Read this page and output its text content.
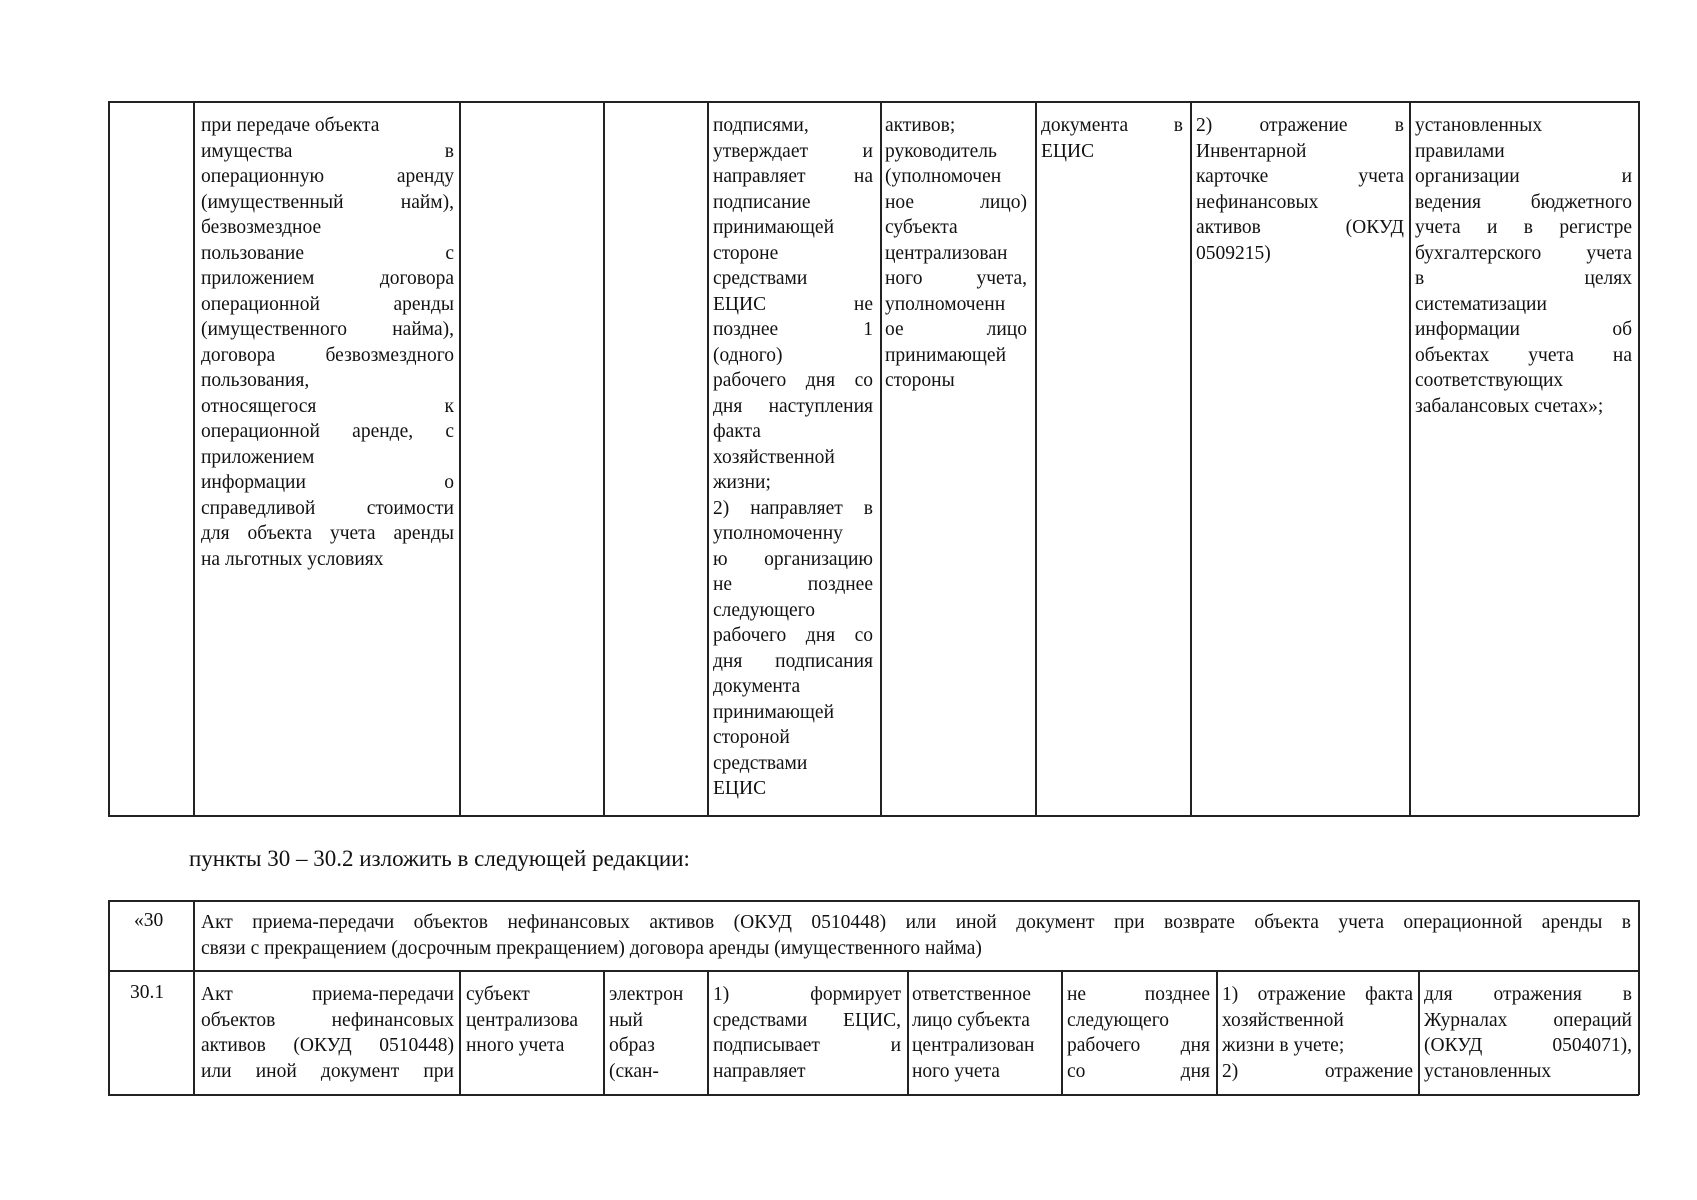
при передаче объекта
имущества в
операционную аренду
(имущественный найм),
безвозмездное
пользование с
приложением договора
операционной аренды
(имущественного найма),
договора безвозмездного
пользования,
относящегося к
операционной аренде, с
приложением
информации о
справедливой стоимости
для объекта учета аренды
на льготных условиях
подписями,
утверждает и
направляет на
подписание
принимающей
стороне
средствами
ЕЦИС не
позднее 1
(одного)
рабочего дня со
дня наступления
факта
хозяйственной
жизни;
2) направляет в
уполномоченну
ю организацию
не позднее
следующего
рабочего дня со
дня подписания
документа
принимающей
стороной
средствами
ЕЦИС
активов;
руководитель
(уполномочен
ное лицо)
субъекта
централизован
ного учета,
уполномоченн
ое лицо
принимающей
стороны
документа в
ЕЦИС
2) отражение в
Инвентарной
карточке учета
нефинансовых
активов (ОКУД
0509215)
установленных
правилами
организации и
ведения бюджетного
учета и в регистре
бухгалтерского учета
в целях
систематизации
информации об
объектах учета на
соответствующих
забалансовых счетах»;
пункты 30 – 30.2 изложить в следующей редакции:
«30 Акт приема-передачи объектов нефинансовых активов (ОКУД 0510448) или иной документ при возврате объекта учета операционной аренды в
связи с прекращением (досрочным прекращением) договора аренды (имущественного найма)
30.1 Акт приема-передачи
объектов нефинансовых
активов (ОКУД 0510448)
или иной документ при
субъект
централизова
нного учета
электрон
ный
образ
(скан-
1) формирует
средствами ЕЦИС,
подписывает и
направляет
ответственное
лицо субъекта
централизован
ного учета
не позднее
следующего
рабочего дня
со дня
1) отражение факта
хозяйственной
жизни в учете;
2) отражение
для отражения в
Журналах операций
(ОКУД 0504071),
установленных
